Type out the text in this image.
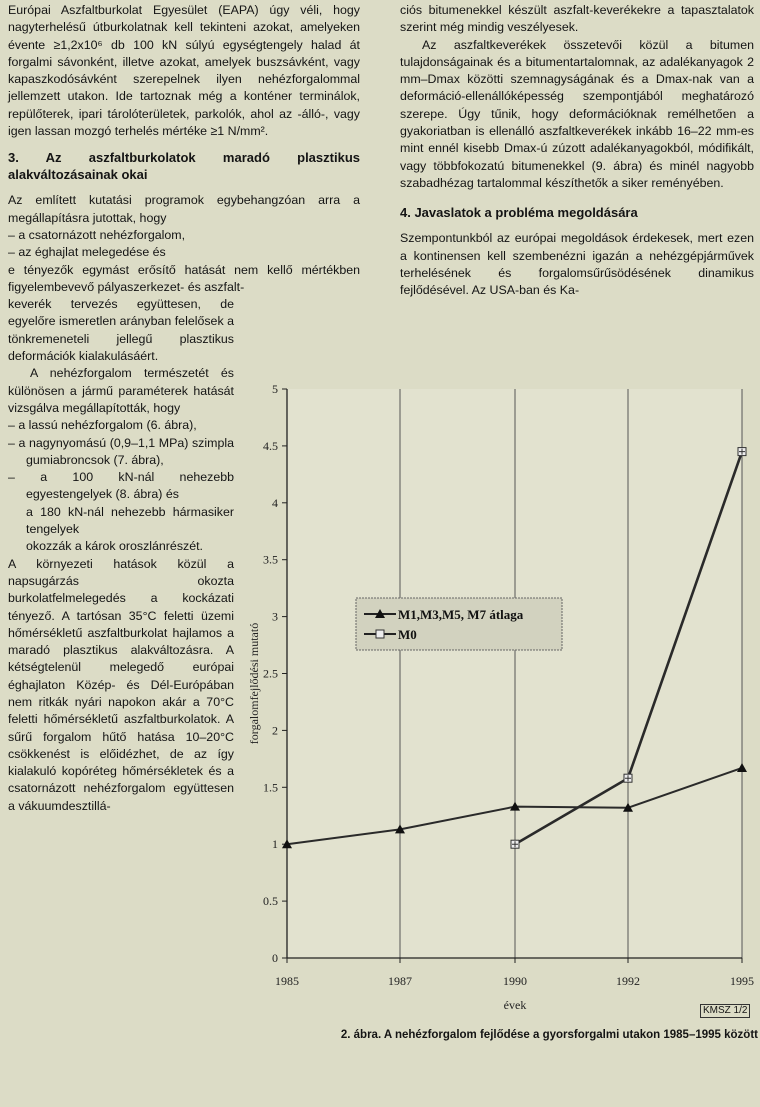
Európai Aszfaltburkolat Egyesület (EAPA) úgy véli, hogy nagyterhelésű útburkolatnak kell tekinteni azokat, amelyeken évente ≥1,2x10⁶ db 100 kN súlyú egységtengely halad át forgalmi sávonként, illetve azokat, amelyek buszsávként, vagy kapaszkodósávként szerepelnek ilyen nehézforgalommal jellemzett utakon. Ide tartoznak még a konténer terminálok, repülőterek, ipari tárolóterületek, parkolók, ahol az -álló-, vagy igen lassan mozgó terhelés mértéke ≥1 N/mm².

3. Az aszfaltburkolatok maradó plasztikus alakváltozásainak okai

Az említett kutatási programok egybehangzóan arra a megállapításra jutottak, hogy

– a csatornázott nehézforgalom,

– az éghajlat melegedése és

e tényezők egymást erősítő hatását nem kellő mértékben figyelembevevő pályaszerkezet- és aszfalt-

keverék tervezés együttesen, de egyelőre ismeretlen arányban felelősek a tönkremeneteli jellegű plasztikus deformációk kialakulásáért.

A nehézforgalom természetét és különösen a jármű paraméterek hatását vizsgálva megállapították, hogy

– a lassú nehézforgalom (6. ábra),

– a nagynyomású (0,9–1,1 MPa) szimpla gumiabroncsok (7. ábra),

– a 100 kN-nál nehezebb egyestengelyek (8. ábra) és

a 180 kN-nál nehezebb hármasiker tengelyek

okozzák a károk oroszlánrészét.

A környezeti hatások közül a napsugárzás okozta burkolatfelmelegedés a kockázati tényező. A tartósan 35°C feletti üzemi hőmérsékletű aszfaltburkolat hajlamos a maradó plasztikus alakváltozásra. A kétségtelenül melegedő európai éghajlaton Közép- és Dél-Európában nem ritkák nyári napokon akár a 70°C feletti hőmérsékletű aszfaltburkolatok. A sűrű forgalom hűtő hatása 10–20°C csökkenést is előidézhet, de az így kialakuló kopóréteg hőmérsékletek és a csatornázott nehézforgalom együttesen a vákuumdesztillá-

ciós bitumenekkel készült aszfalt-keverékekre a tapasztalatok szerint még mindig veszélyesek.

Az aszfaltkeverékek összetevői közül a bitumen tulajdonságainak és a bitumentartalomnak, az adalékanyagok 2 mm–Dmax közötti szemnagyságának és a Dmax-nak van a deformáció-ellenállóképesség szempontjából meghatározó szerepe. Úgy tűnik, hogy deformációknak remélhetően a gyakoriatban is ellenálló aszfaltkeverékek inkább 16–22 mm-es mint ennél kisebb Dmax-ú zúzott adalékanyagokból, módifikált, vagy többfokozatú bitumenekkel (9. ábra) és minél nagyobb szabadhézag tartalommal készíthetők a siker reményében.

4. Javaslatok a probléma megoldására

Szempontunkból az európai megoldások érdekesek, mert ezen a kontinensen kell szembenézni igazán a nehézgépjárművek terhelésének és forgalomsűrűsödésének dinamikus fejlődésével. Az USA-ban és Ka-

0
0.5
1
1.5
2
2.5
3
3.5
4
4.5
5
1985	1987	1990	1992	1995
évek
forgalomfejlődési mutató
M1,M3,M5, M7 átlaga
M0
KMSZ 1/2
2. ábra. A nehézforgalom fejlődése a gyorsforgalmi utakon 1985–1995 között
